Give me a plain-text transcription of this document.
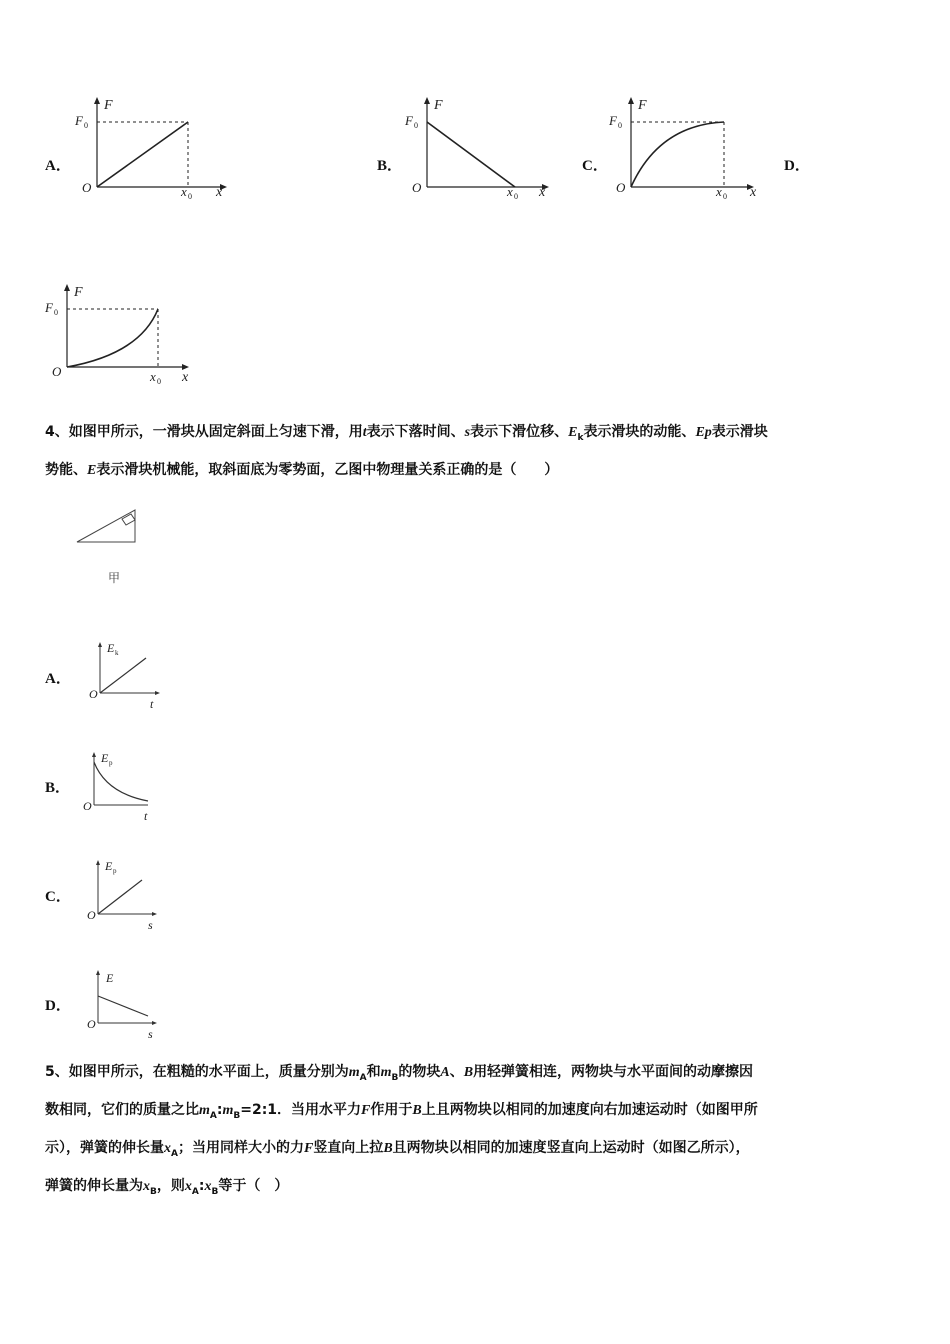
A．
F
F 0
O	x 0 x
B．
F
F 0
O	x 0 x
C．
F
F 0
O	x 0 x
D．
F
F 0
O	x 0 x
4、如图甲所示，一滑块从固定斜面上匀速下滑，用t表示下落时间、s表示下滑位移、$E_k$表示滑块的动能、Ep表示滑块
势能、E表示滑块机械能，取斜面底为零势面，乙图中物理量关系正确的是（　　）
甲
A．
E k
O
t
B．
E p
O
t
C．
E p
O
s
D．
E
O
s
5、如图甲所示，在粗糙的水平面上，质量分别为$m_A$和$m_B$的物块A、B用轻弹簧相连，两物块与水平面间的动摩擦因
数相同，它们的质量之比$m_A:m_B=2:1$．当用水平力F作用于B上且两物块以相同的加速度向右加速运动时（如图甲所
示），弹簧的伸长量$x_A$；当用同样大小的力F竖直向上拉B且两物块以相同的加速度竖直向上运动时（如图乙所示），
弹簧的伸长量为$x_B$，则$x_A:x_B$等于（　）
